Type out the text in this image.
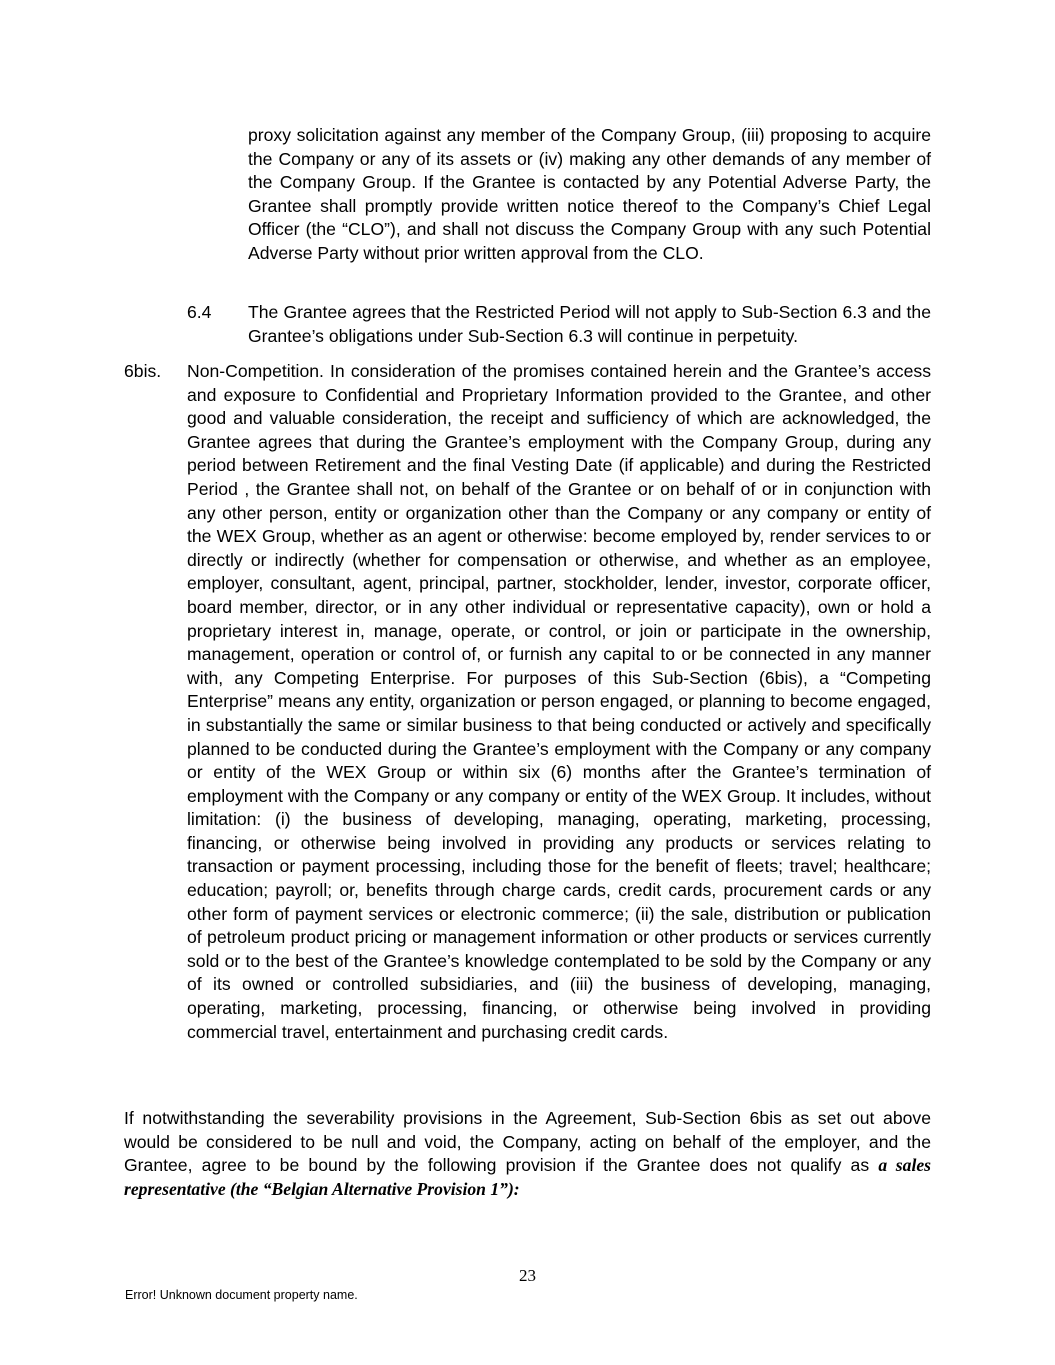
proxy solicitation against any member of the Company Group, (iii) proposing to acquire the Company or any of its assets or (iv) making any other demands of any member of the Company Group. If the Grantee is contacted by any Potential Adverse Party, the Grantee shall promptly provide written notice thereof to the Company’s Chief Legal Officer (the “CLO”), and shall not discuss the Company Group with any such Potential Adverse Party without prior written approval from the CLO.

6.4 The Grantee agrees that the Restricted Period will not apply to Sub-Section 6.3 and the Grantee’s obligations under Sub-Section 6.3 will continue in perpetuity.

6bis. Non-Competition. In consideration of the promises contained herein and the Grantee’s access and exposure to Confidential and Proprietary Information provided to the Grantee, and other good and valuable consideration, the receipt and sufficiency of which are acknowledged, the Grantee agrees that during the Grantee’s employment with the Company Group, during any period between Retirement and the final Vesting Date (if applicable) and during the Restricted Period , the Grantee shall not, on behalf of the Grantee or on behalf of or in conjunction with any other person, entity or organization other than the Company or any company or entity of the WEX Group, whether as an agent or otherwise: become employed by, render services to or directly or indirectly (whether for compensation or otherwise, and whether as an employee, employer, consultant, agent, principal, partner, stockholder, lender, investor, corporate officer, board member, director, or in any other individual or representative capacity), own or hold a proprietary interest in, manage, operate, or control, or join or participate in the ownership, management, operation or control of, or furnish any capital to or be connected in any manner with, any Competing Enterprise. For purposes of this Sub-Section (6bis), a “Competing Enterprise” means any entity, organization or person engaged, or planning to become engaged, in substantially the same or similar business to that being conducted or actively and specifically planned to be conducted during the Grantee’s employment with the Company or any company or entity of the WEX Group or within six (6) months after the Grantee’s termination of employment with the Company or any company or entity of the WEX Group. It includes, without limitation: (i) the business of developing, managing, operating, marketing, processing, financing, or otherwise being involved in providing any products or services relating to transaction or payment processing, including those for the benefit of fleets; travel; healthcare; education; payroll; or, benefits through charge cards, credit cards, procurement cards or any other form of payment services or electronic commerce; (ii) the sale, distribution or publication of petroleum product pricing or management information or other products or services currently sold or to the best of the Grantee’s knowledge contemplated to be sold by the Company or any of its owned or controlled subsidiaries, and (iii) the business of developing, managing, operating, marketing, processing, financing, or otherwise being involved in providing commercial travel, entertainment and purchasing credit cards.

If notwithstanding the severability provisions in the Agreement, Sub-Section 6bis as set out above would be considered to be null and void, the Company, acting on behalf of the employer, and the Grantee, agree to be bound by the following provision if the Grantee does not qualify as a sales representative (the “Belgian Alternative Provision 1”):

23
Error! Unknown document property name.
